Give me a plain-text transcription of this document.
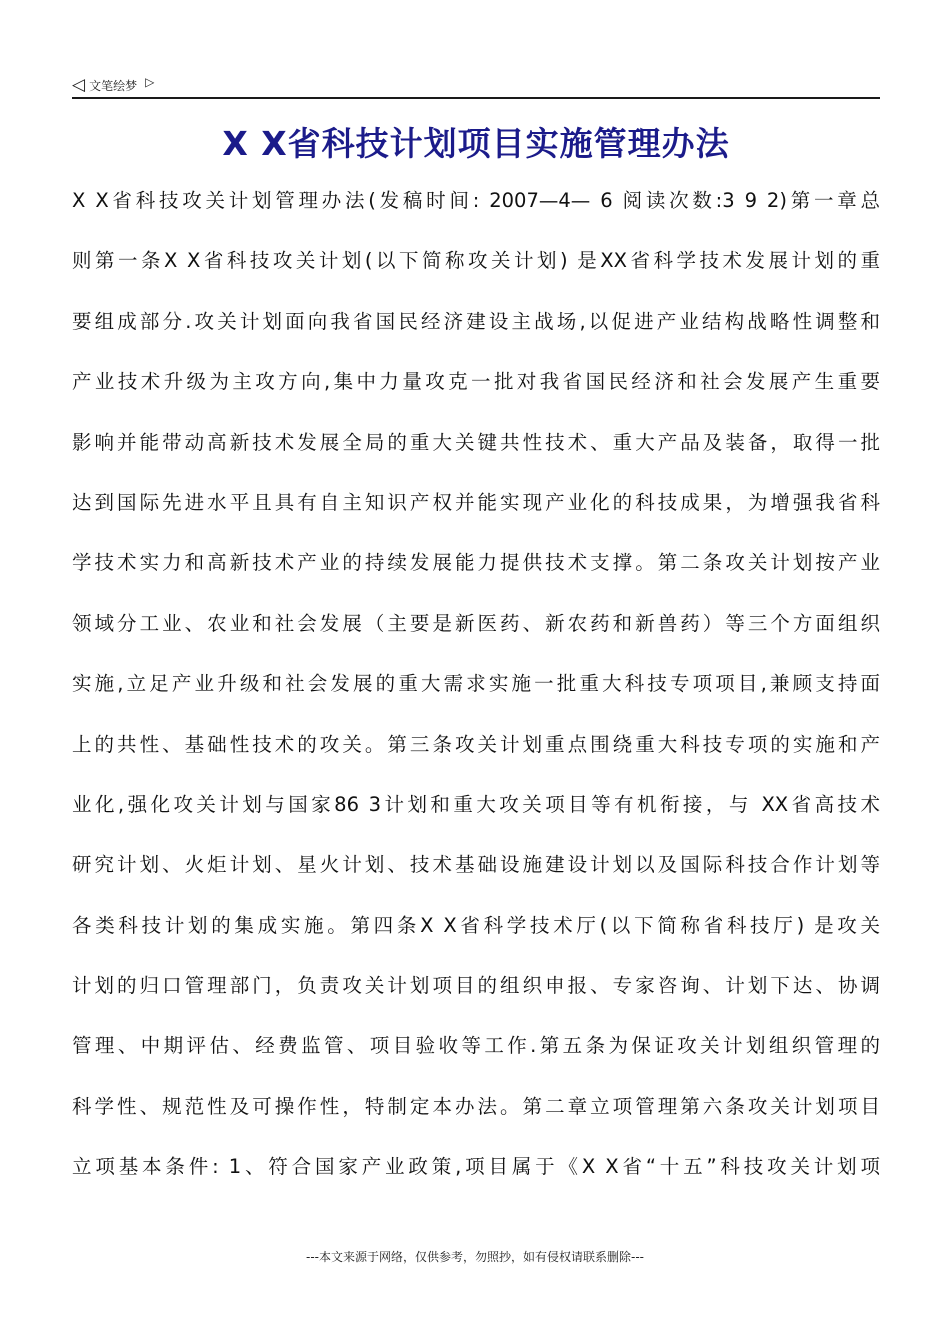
◁ 文笔绘梦 ▷
X X省科技计划项目实施管理办法
X X省科技攻关计划管理办法(发稿时间: 2007—4— 6 阅读次数:3 9 2)第一章总
则第一条X X省科技攻关计划(以下简称攻关计划) 是XX省科学技术发展计划的重
要组成部分.攻关计划面向我省国民经济建设主战场,以促进产业结构战略性调整和
产业技术升级为主攻方向,集中力量攻克一批对我省国民经济和社会发展产生重要
影响并能带动高新技术发展全局的重大关键共性技术、重大产品及装备，取得一批
达到国际先进水平且具有自主知识产权并能实现产业化的科技成果，为增强我省科
学技术实力和高新技术产业的持续发展能力提供技术支撑。第二条攻关计划按产业
领域分工业、农业和社会发展（主要是新医药、新农药和新兽药）等三个方面组织
实施,立足产业升级和社会发展的重大需求实施一批重大科技专项项目,兼顾支持面
上的共性、基础性技术的攻关。第三条攻关计划重点围绕重大科技专项的实施和产
业化,强化攻关计划与国家86 3计划和重大攻关项目等有机衔接，与 XX省高技术
研究计划、火炬计划、星火计划、技术基础设施建设计划以及国际科技合作计划等
各类科技计划的集成实施。第四条X X省科学技术厅(以下简称省科技厅) 是攻关
计划的归口管理部门，负责攻关计划项目的组织申报、专家咨询、计划下达、协调
管理、中期评估、经费监管、项目验收等工作.第五条为保证攻关计划组织管理的
科学性、规范性及可操作性，特制定本办法。第二章立项管理第六条攻关计划项目
立项基本条件: 1、符合国家产业政策,项目属于《X X省“十五”科技攻关计划项
---本文来源于网络，仅供参考，勿照抄，如有侵权请联系删除---
